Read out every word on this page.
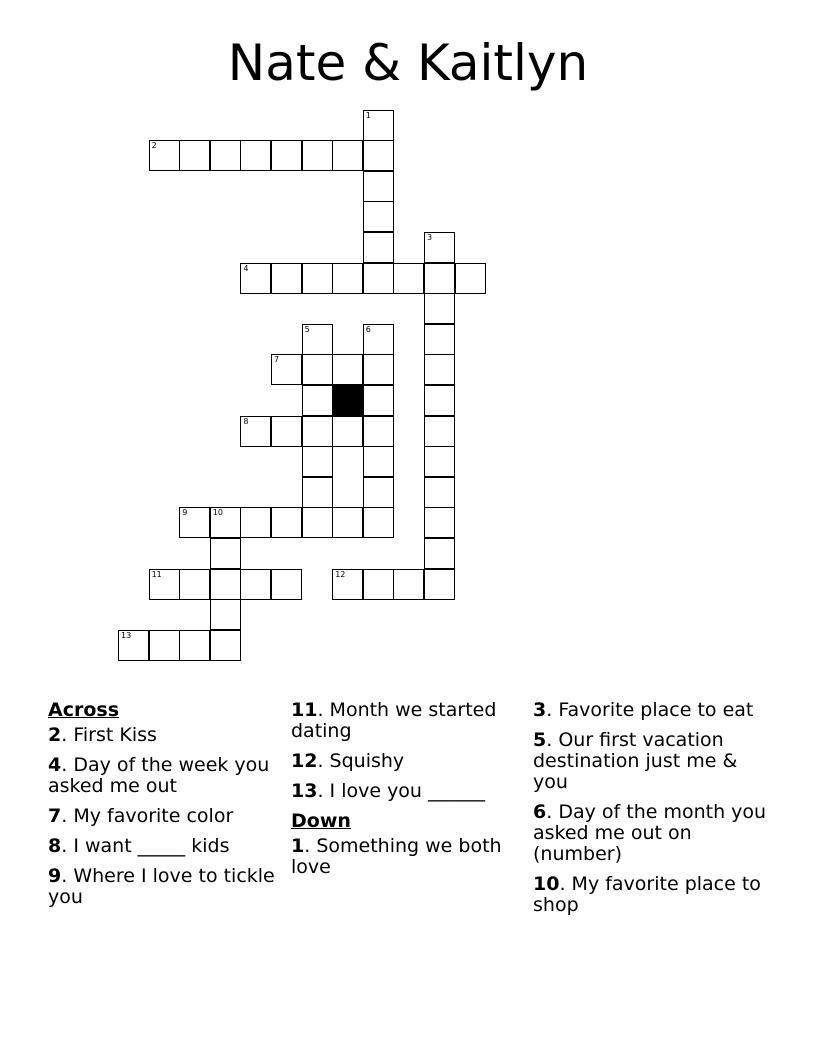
Nate & Kaitlyn
1
2
3
4
5	6
7
8
9	10
11	12
13
Across
2. First Kiss
4. Day of the week you asked me out
7. My favorite color
8. I want _____ kids
9. Where I love to tickle you
11. Month we started dating
12. Squishy
13. I love you ______
Down
1. Something we both love
3. Favorite place to eat
5. Our first vacation destination just me & you
6. Day of the month you asked me out on (number)
10. My favorite place to shop
